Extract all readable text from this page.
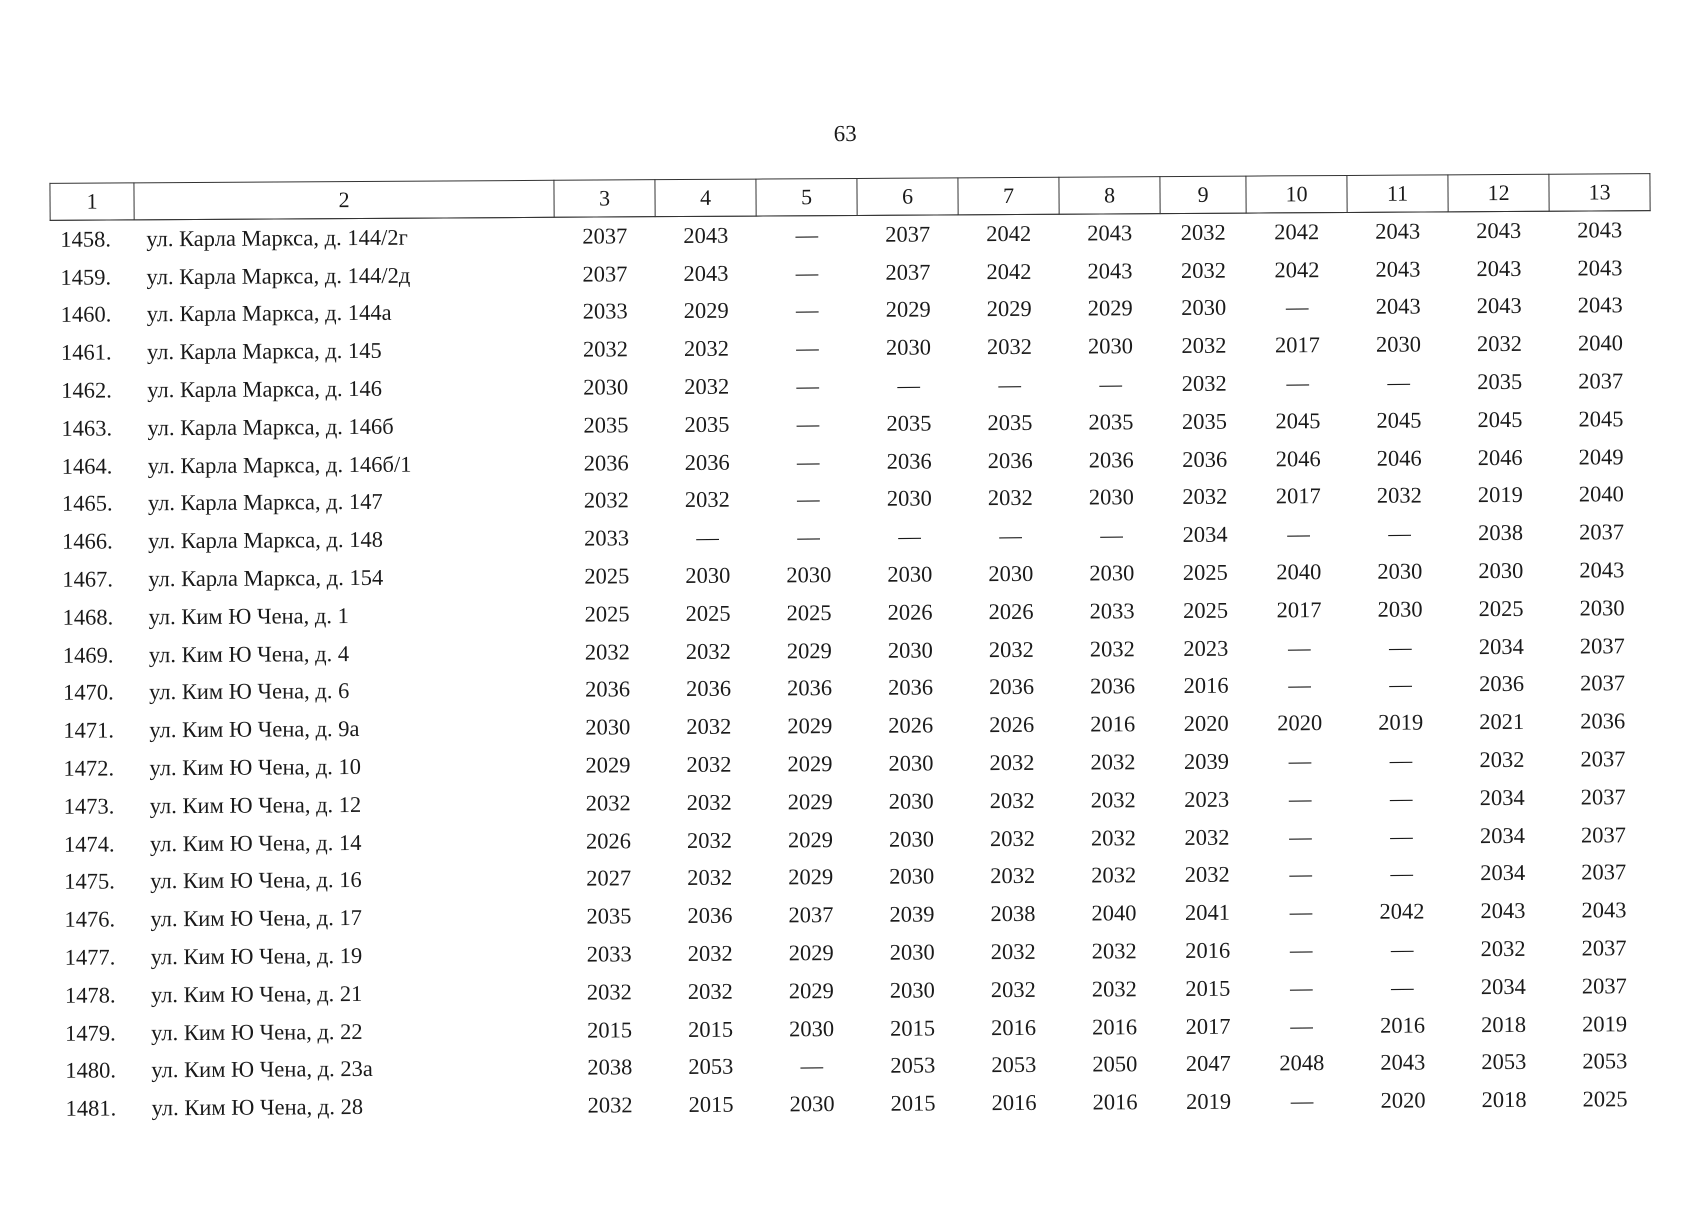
63
1	2	3	4	5	6	7	8	9	10	11	12	13
1458.	ул. Карла Маркса, д. 144/2г	2037	2043	—	2037	2042	2043	2032	2042	2043	2043	2043
1459.	ул. Карла Маркса, д. 144/2д	2037	2043	—	2037	2042	2043	2032	2042	2043	2043	2043
1460.	ул. Карла Маркса, д. 144а	2033	2029	—	2029	2029	2029	2030	—	2043	2043	2043
1461.	ул. Карла Маркса, д. 145	2032	2032	—	2030	2032	2030	2032	2017	2030	2032	2040
1462.	ул. Карла Маркса, д. 146	2030	2032	—	—	—	—	2032	—	—	2035	2037
1463.	ул. Карла Маркса, д. 146б	2035	2035	—	2035	2035	2035	2035	2045	2045	2045	2045
1464.	ул. Карла Маркса, д. 146б/1	2036	2036	—	2036	2036	2036	2036	2046	2046	2046	2049
1465.	ул. Карла Маркса, д. 147	2032	2032	—	2030	2032	2030	2032	2017	2032	2019	2040
1466.	ул. Карла Маркса, д. 148	2033	—	—	—	—	—	2034	—	—	2038	2037
1467.	ул. Карла Маркса, д. 154	2025	2030	2030	2030	2030	2030	2025	2040	2030	2030	2043
1468.	ул. Ким Ю Чена, д. 1	2025	2025	2025	2026	2026	2033	2025	2017	2030	2025	2030
1469.	ул. Ким Ю Чена, д. 4	2032	2032	2029	2030	2032	2032	2023	—	—	2034	2037
1470.	ул. Ким Ю Чена, д. 6	2036	2036	2036	2036	2036	2036	2016	—	—	2036	2037
1471.	ул. Ким Ю Чена, д. 9а	2030	2032	2029	2026	2026	2016	2020	2020	2019	2021	2036
1472.	ул. Ким Ю Чена, д. 10	2029	2032	2029	2030	2032	2032	2039	—	—	2032	2037
1473.	ул. Ким Ю Чена, д. 12	2032	2032	2029	2030	2032	2032	2023	—	—	2034	2037
1474.	ул. Ким Ю Чена, д. 14	2026	2032	2029	2030	2032	2032	2032	—	—	2034	2037
1475.	ул. Ким Ю Чена, д. 16	2027	2032	2029	2030	2032	2032	2032	—	—	2034	2037
1476.	ул. Ким Ю Чена, д. 17	2035	2036	2037	2039	2038	2040	2041	—	2042	2043	2043
1477.	ул. Ким Ю Чена, д. 19	2033	2032	2029	2030	2032	2032	2016	—	—	2032	2037
1478.	ул. Ким Ю Чена, д. 21	2032	2032	2029	2030	2032	2032	2015	—	—	2034	2037
1479.	ул. Ким Ю Чена, д. 22	2015	2015	2030	2015	2016	2016	2017	—	2016	2018	2019
1480.	ул. Ким Ю Чена, д. 23а	2038	2053	—	2053	2053	2050	2047	2048	2043	2053	2053
1481.	ул. Ким Ю Чена, д. 28	2032	2015	2030	2015	2016	2016	2019	—	2020	2018	2025
